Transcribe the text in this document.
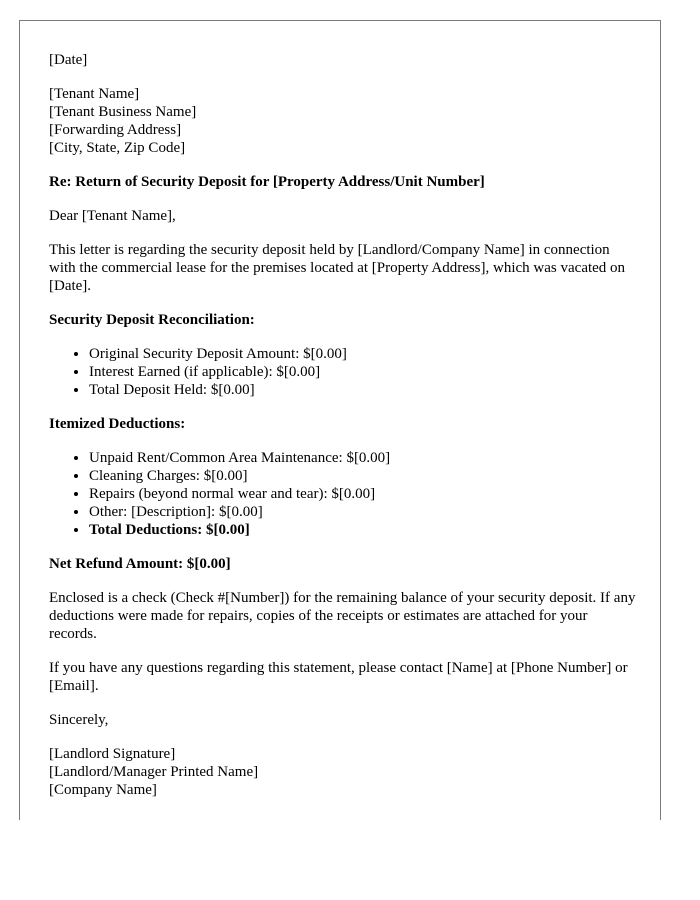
[Date]

[Tenant Name]
[Tenant Business Name]
[Forwarding Address]
[City, State, Zip Code]

Re: Return of Security Deposit for [Property Address/Unit Number]

Dear [Tenant Name],

This letter is regarding the security deposit held by [Landlord/Company Name] in connection with the commercial lease for the premises located at [Property Address], which was vacated on [Date].

Security Deposit Reconciliation:

• Original Security Deposit Amount: $[0.00]
• Interest Earned (if applicable): $[0.00]
• Total Deposit Held: $[0.00]

Itemized Deductions:

• Unpaid Rent/Common Area Maintenance: $[0.00]
• Cleaning Charges: $[0.00]
• Repairs (beyond normal wear and tear): $[0.00]
• Other: [Description]: $[0.00]
• Total Deductions: $[0.00]

Net Refund Amount: $[0.00]

Enclosed is a check (Check #[Number]) for the remaining balance of your security deposit. If any deductions were made for repairs, copies of the receipts or estimates are attached for your records.

If you have any questions regarding this statement, please contact [Name] at [Phone Number] or [Email].

Sincerely,

[Landlord Signature]
[Landlord/Manager Printed Name]
[Company Name]
